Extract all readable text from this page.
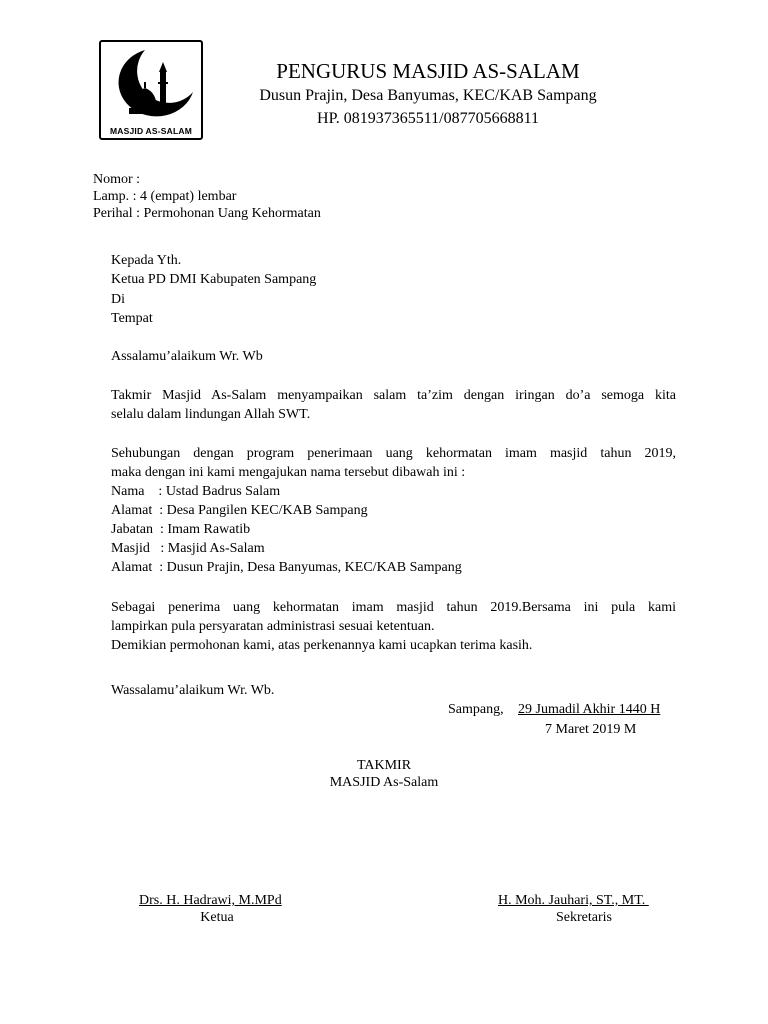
MASJID AS-SALAM
PENGURUS MASJID AS-SALAM
Dusun Prajin, Desa Banyumas, KEC/KAB Sampang
HP. 081937365511/087705668811
Nomor :
Lamp. : 4 (empat) lembar
Perihal : Permohonan Uang Kehormatan
Kepada Yth.
Ketua PD DMI Kabupaten Sampang
Di
Tempat
Assalamu’alaikum Wr. Wb
Takmir Masjid As-Salam menyampaikan salam ta’zim dengan iringan do’a semoga kita
selalu dalam lindungan Allah SWT.
Sehubungan dengan program penerimaan uang kehormatan imam masjid tahun 2019,
maka dengan ini kami mengajukan nama tersebut dibawah ini :
Nama    : Ustad Badrus Salam
Alamat  : Desa Pangilen KEC/KAB Sampang
Jabatan  : Imam Rawatib
Masjid   : Masjid As-Salam
Alamat  : Dusun Prajin, Desa Banyumas, KEC/KAB Sampang
Sebagai penerima uang kehormatan imam masjid tahun 2019.Bersama ini pula kami
lampirkan pula persyaratan administrasi sesuai ketentuan.
Demikian permohonan kami, atas perkenannya kami ucapkan terima kasih.
Wassalamu’alaikum Wr. Wb.
Sampang, 29 Jumadil Akhir 1440 H
7 Maret 2019 M
TAKMIR
MASJID As-Salam
Drs. H. Hadrawi, M.MPd
Ketua
H. Moh. Jauhari, ST., MT.
Sekretaris
